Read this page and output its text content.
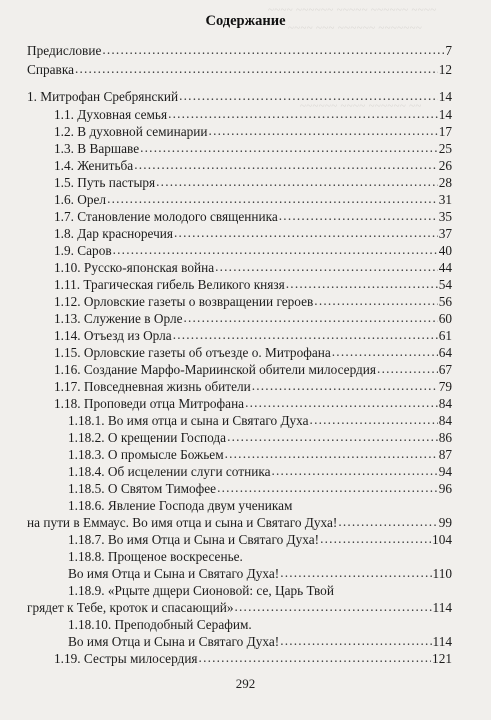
~~~~ ~~~~~~ ~~~~~ ~~~~~~ ~~~~
~~~~ ~~~ ~~~~~~ ~~~~~~~
~~~~~~ ~~~~ ~~~~~~ ~~
Содержание
Предисловие .....	7
Справка .....	12
1. Митрофан Сребрянский .....	14
1.1. Духовная семья .....	14
1.2. В духовной семинарии .....	17
1.3. В Варшаве .....	25
1.4. Женитьба .....	26
1.5. Путь пастыря .....	28
1.6. Орел .....	31
1.7. Становление молодого священника .....	35
1.8. Дар красноречия .....	37
1.9. Саров .....	40
1.10. Русско-японская война .....	44
1.11. Трагическая гибель Великого князя .....	54
1.12. Орловские газеты о возвращении героев .....	56
1.13. Служение в Орле .....	60
1.14. Отъезд из Орла .....	61
1.15. Орловские газеты об отъезде о. Митрофана .....	64
1.16. Создание Марфо-Мариинской обители милосердия .....	67
1.17. Повседневная жизнь обители .....	79
1.18. Проповеди отца Митрофана .....	84
1.18.1. Во имя отца и сына и Святаго Духа .....	84
1.18.2. О крещении Господа .....	86
1.18.3. О промысле Божьем .....	87
1.18.4. Об исцелении слуги сотника .....	94
1.18.5. О Святом Тимофее .....	96
1.18.6. Явление Господа двум ученикам
на пути в Еммаус. Во имя отца и сына и Святаго Духа! .....	99
1.18.7. Во имя Отца и Сына и Святаго Духа! .....	104
1.18.8. Прощеное воскресенье.
Во имя Отца и Сына и Святаго Духа! .....	110
1.18.9. «Рцыте дщери Сионовой: се, Царь Твой
грядет к Тебе, кроток и спасающий» .....	114
1.18.10. Преподобный Серафим.
Во имя Отца и Сына и Святаго Духа! .....	114
1.19. Сестры милосердия .....	121
292
